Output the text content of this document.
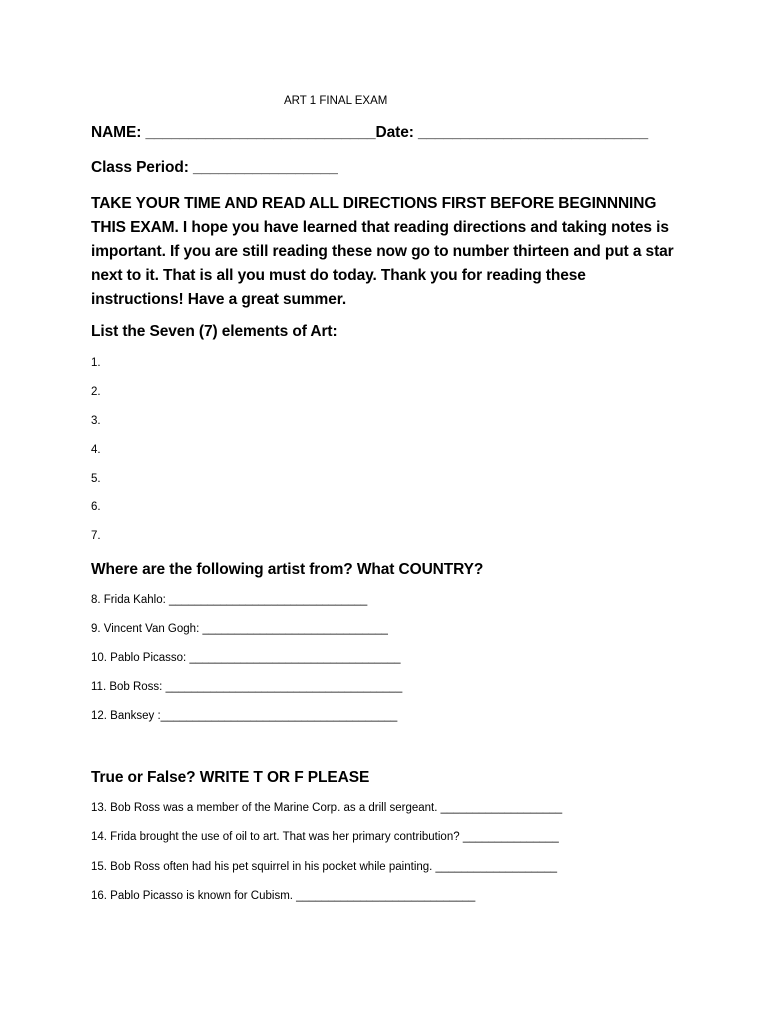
ART 1 FINAL EXAM
NAME: ___________________________Date: ___________________________
Class Period: _________________
TAKE YOUR TIME AND READ ALL DIRECTIONS FIRST BEFORE BEGINNNING THIS EXAM. I hope you have learned that reading directions and taking notes is important. If you are still reading these now go to number thirteen and put a star next to it. That is all you must do today. Thank you for reading these instructions! Have a great summer.
List the Seven (7) elements of Art:
1.
2.
3.
4.
5.
6.
7.
Where are the following artist from? What COUNTRY?
8. Frida Kahlo: _______________________________
9. Vincent Van Gogh: _____________________________
10. Pablo Picasso: _________________________________
11. Bob Ross: _____________________________________
12. Banksey :_____________________________________
True or False? WRITE T OR F PLEASE
13. Bob Ross was a member of the Marine Corp. as a drill sergeant. ___________________
14. Frida brought the use of oil to art. That was her primary contribution? _______________
15. Bob Ross often had his pet squirrel in his pocket while painting. ___________________
16. Pablo Picasso is known for Cubism. ____________________________
